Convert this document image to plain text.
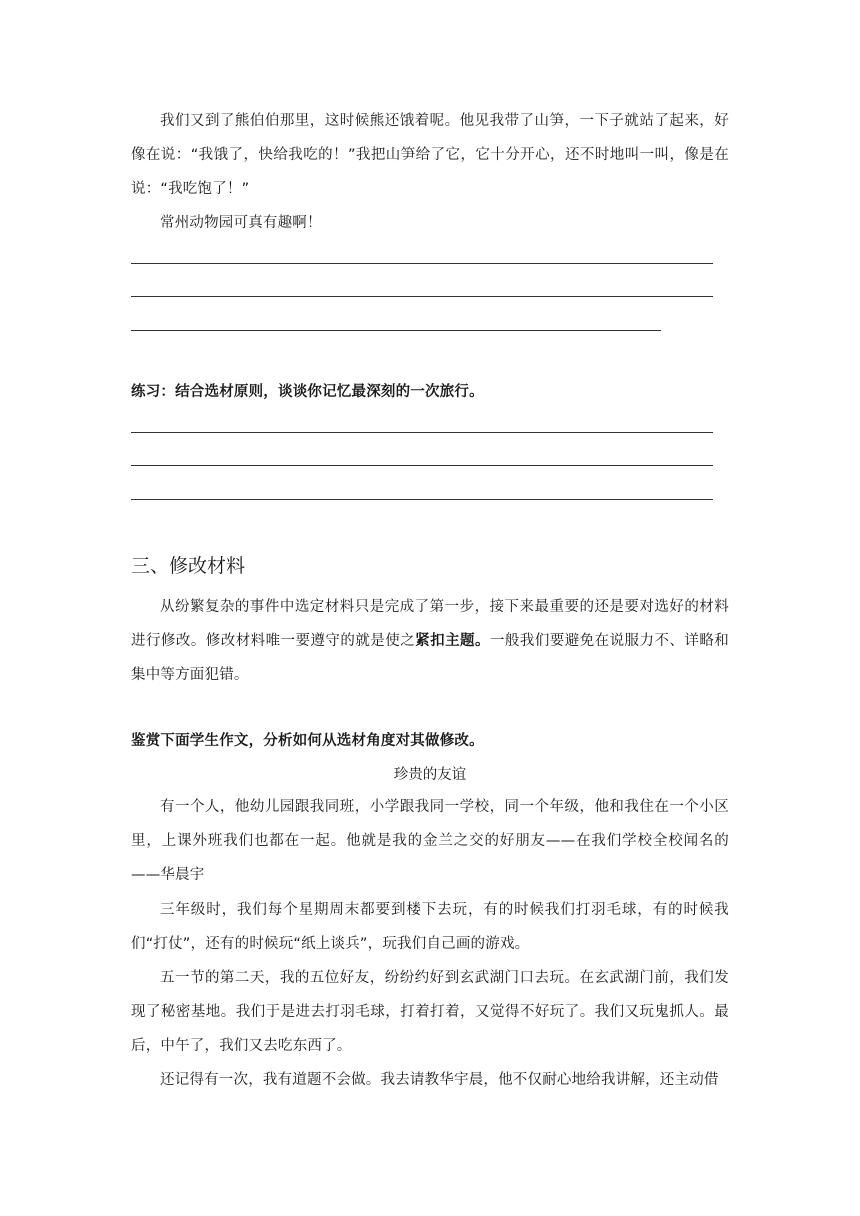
我们又到了熊伯伯那里，这时候熊还饿着呢。他见我带了山笋，一下子就站了起来，好像在说：“我饿了，快给我吃的！”我把山笋给了它，它十分开心，还不时地叫一叫，像是在说：“我吃饱了！”

常州动物园可真有趣啊！

练习：结合选材原则，谈谈你记忆最深刻的一次旅行。

三、修改材料

从纷繁复杂的事件中选定材料只是完成了第一步，接下来最重要的还是要对选好的材料进行修改。修改材料唯一要遵守的就是使之紧扣主题。一般我们要避免在说服力不、详略和集中等方面犯错。

鉴赏下面学生作文，分析如何从选材角度对其做修改。

珍贵的友谊

有一个人，他幼儿园跟我同班，小学跟我同一学校，同一个年级，他和我住在一个小区里，上课外班我们也都在一起。他就是我的金兰之交的好朋友——在我们学校全校闻名的——华晨宇

三年级时，我们每个星期周末都要到楼下去玩，有的时候我们打羽毛球，有的时候我们“打仗”，还有的时候玩“纸上谈兵”，玩我们自己画的游戏。

五一节的第二天，我的五位好友，纷纷约好到玄武湖门口去玩。在玄武湖门前，我们发现了秘密基地。我们于是进去打羽毛球，打着打着，又觉得不好玩了。我们又玩鬼抓人。最后，中午了，我们又去吃东西了。

还记得有一次，我有道题不会做。我去请教华宇晨，他不仅耐心地给我讲解，还主动借
